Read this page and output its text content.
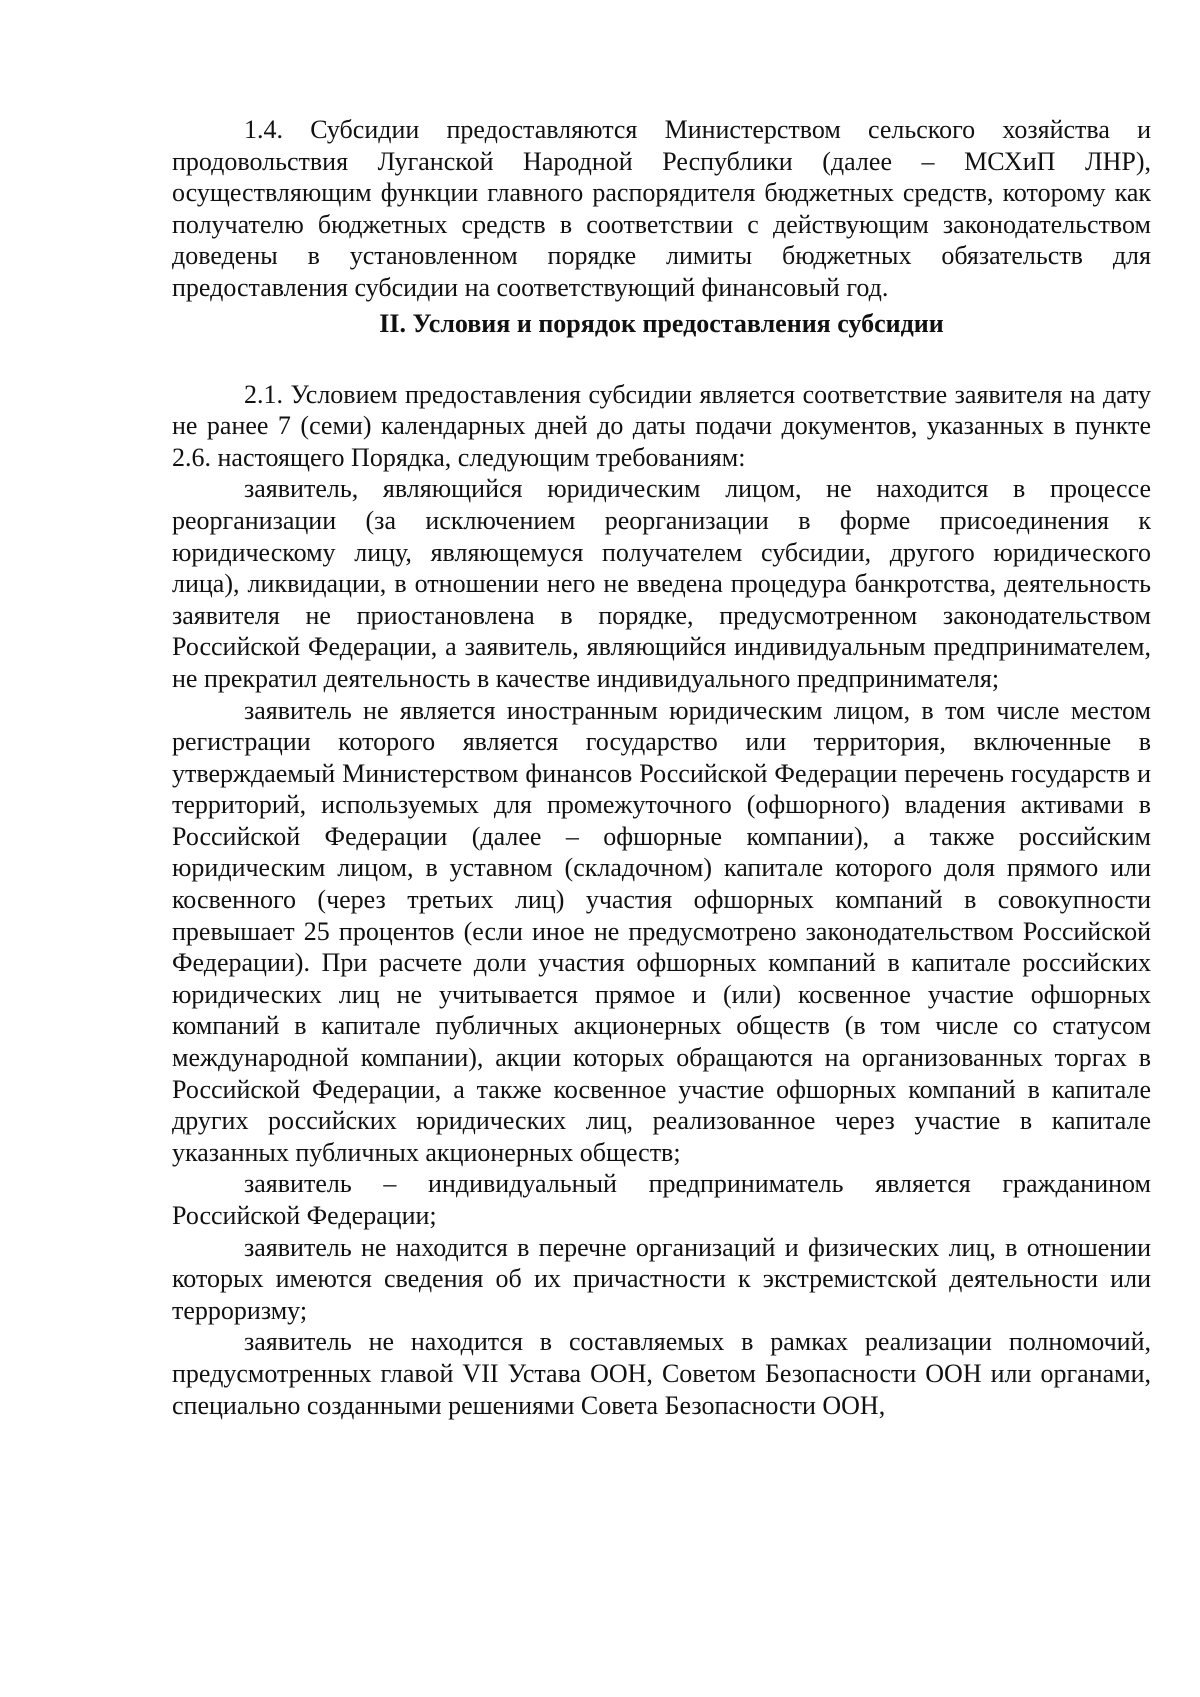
1.4. Субсидии предоставляются Министерством сельского хозяйства и продовольствия Луганской Народной Республики (далее – МСХиП ЛНР), осуществляющим функции главного распорядителя бюджетных средств, которому как получателю бюджетных средств в соответствии с действующим законодательством доведены в установленном порядке лимиты бюджетных обязательств для предоставления субсидии на соответствующий финансовый год.

II. Условия и порядок предоставления субсидии

2.1. Условием предоставления субсидии является соответствие заявителя на дату не ранее 7 (семи) календарных дней до даты подачи документов, указанных в пункте 2.6. настоящего Порядка, следующим требованиям:

заявитель, являющийся юридическим лицом, не находится в процессе реорганизации (за исключением реорганизации в форме присоединения к юридическому лицу, являющемуся получателем субсидии, другого юридического лица), ликвидации, в отношении него не введена процедура банкротства, деятельность заявителя не приостановлена в порядке, предусмотренном законодательством Российской Федерации, а заявитель, являющийся индивидуальным предпринимателем, не прекратил деятельность в качестве индивидуального предпринимателя;

заявитель не является иностранным юридическим лицом, в том числе местом регистрации которого является государство или территория, включенные в утверждаемый Министерством финансов Российской Федерации перечень государств и территорий, используемых для промежуточного (офшорного) владения активами в Российской Федерации (далее – офшорные компании), а также российским юридическим лицом, в уставном (складочном) капитале которого доля прямого или косвенного (через третьих лиц) участия офшорных компаний в совокупности превышает 25 процентов (если иное не предусмотрено законодательством Российской Федерации). При расчете доли участия офшорных компаний в капитале российских юридических лиц не учитывается прямое и (или) косвенное участие офшорных компаний в капитале публичных акционерных обществ (в том числе со статусом международной компании), акции которых обращаются на организованных торгах в Российской Федерации, а также косвенное участие офшорных компаний в капитале других российских юридических лиц, реализованное через участие в капитале указанных публичных акционерных обществ;

заявитель – индивидуальный предприниматель является гражданином Российской Федерации;

заявитель не находится в перечне организаций и физических лиц, в отношении которых имеются сведения об их причастности к экстремистской деятельности или терроризму;

заявитель не находится в составляемых в рамках реализации полномочий, предусмотренных главой VII Устава ООН, Советом Безопасности ООН или органами, специально созданными решениями Совета Безопасности ООН,
